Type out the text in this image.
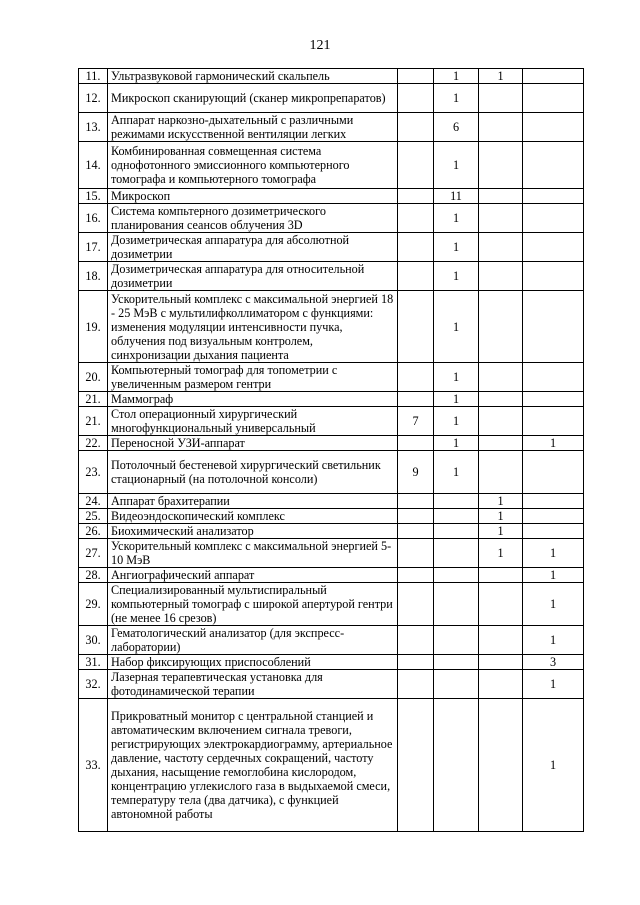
121
11.	Ультразвуковой гармонический скальпель		1	1	
12.	Микроскоп сканирующий (сканер микропрепаратов)		1		
13.	Аппарат наркозно-дыхательный с различными режимами искусственной вентиляции легких		6		
14.	Комбинированная совмещенная система однофотонного эмиссионного компьютерного томографа и компьютерного томографа		1		
15.	Микроскоп		11		
16.	Система компьтерного дозиметрического планирования сеансов облучения 3D		1		
17.	Дозиметрическая аппаратура для абсолютной дозиметрии		1		
18.	Дозиметрическая аппаратура для относительной дозиметрии		1		
19.	Ускорительный комплекс с максимальной энергией 18 - 25 МэВ с мультилифколлиматором с функциями: изменения модуляции интенсивности пучка, облучения под визуальным контролем, синхронизации дыхания пациента		1		
20.	Компьютерный томограф для топометрии с увеличенным размером гентри		1		
21.	Маммограф		1		
21.	Стол операционный хирургический многофункциональный универсальный	7	1		
22.	Переносной УЗИ-аппарат		1		1
23.	Потолочный бестеневой хирургический светильник стационарный (на потолочной консоли)	9	1		
24.	Аппарат брахитерапии			1	
25.	Видеоэндоскопический комплекс			1	
26.	Биохимический анализатор			1	
27.	Ускорительный комплекс с максимальной энергией 5-10 МэВ			1	1
28.	Ангиографический аппарат				1
29.	Специализированный мультиспиральный компьютерный томограф с широкой апертурой гентри (не менее 16 срезов)				1
30.	Гематологический анализатор (для экспресс-лаборатории)				1
31.	Набор фиксирующих приспособлений				3
32.	Лазерная терапевтическая установка для фотодинамической терапии				1
33.	Прикроватный монитор с центральной станцией и автоматическим включением сигнала тревоги, регистрирующих электрокардиограмму, артериальное давление, частоту сердечных сокращений, частоту дыхания, насыщение гемоглобина кислородом, концентрацию углекислого газа в выдыхаемой смеси, температуру тела (два датчика), с функцией автономной работы				1
